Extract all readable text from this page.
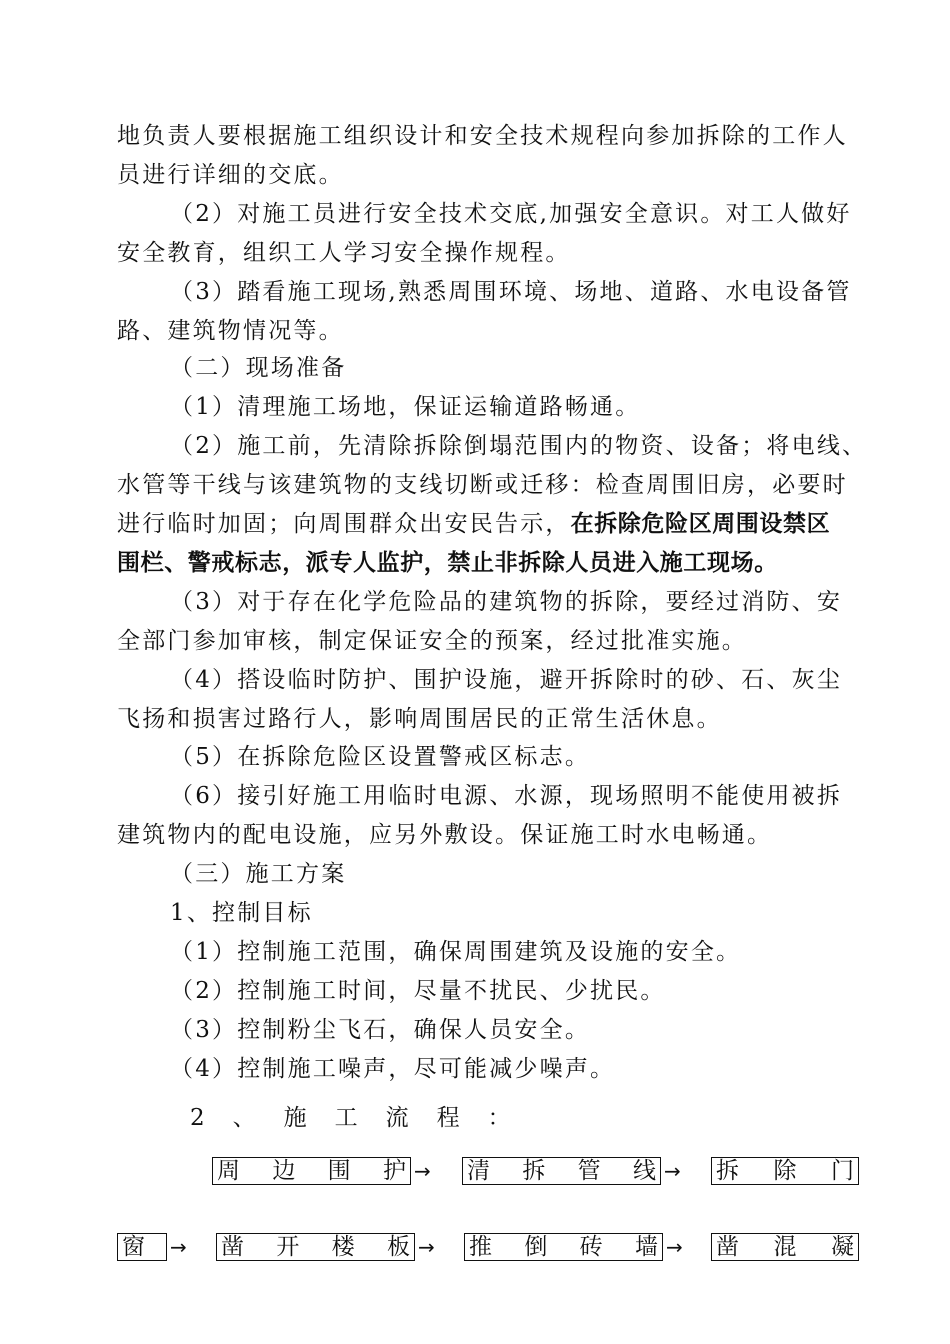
地负责人要根据施工组织设计和安全技术规程向参加拆除的工作人
员进行详细的交底。
（2）对施工员进行安全技术交底,加强安全意识。对工人做好
安全教育，组织工人学习安全操作规程。
（3）踏看施工现场,熟悉周围环境、场地、道路、水电设备管
路、建筑物情况等。
（二）现场准备
（1）清理施工场地，保证运输道路畅通。
（2）施工前，先清除拆除倒塌范围内的物资、设备；将电线、
水管等干线与该建筑物的支线切断或迁移：检查周围旧房，必要时
进行临时加固；向周围群众出安民告示，在拆除危险区周围设禁区
围栏、警戒标志，派专人监护，禁止非拆除人员进入施工现场。
（3）对于存在化学危险品的建筑物的拆除，要经过消防、安
全部门参加审核，制定保证安全的预案，经过批准实施。
（4）搭设临时防护、围护设施，避开拆除时的砂、石、灰尘
飞扬和损害过路行人，影响周围居民的正常生活休息。
（5）在拆除危险区设置警戒区标志。
（6）接引好施工用临时电源、水源，现场照明不能使用被拆
建筑物内的配电设施，应另外敷设。保证施工时水电畅通。
（三）施工方案
1、控制目标
（1）控制施工范围，确保周围建筑及设施的安全。
（2）控制施工时间，尽量不扰民、少扰民。
（3）控制粉尘飞石，确保人员安全。
（4）控制施工噪声，尽可能减少噪声。
2、施工流程：
周 边 围 护 → 清 拆 管 线 → 拆 除 门
窗 → 凿 开 楼 板 → 推 倒 砖 墙 → 凿 混 凝
